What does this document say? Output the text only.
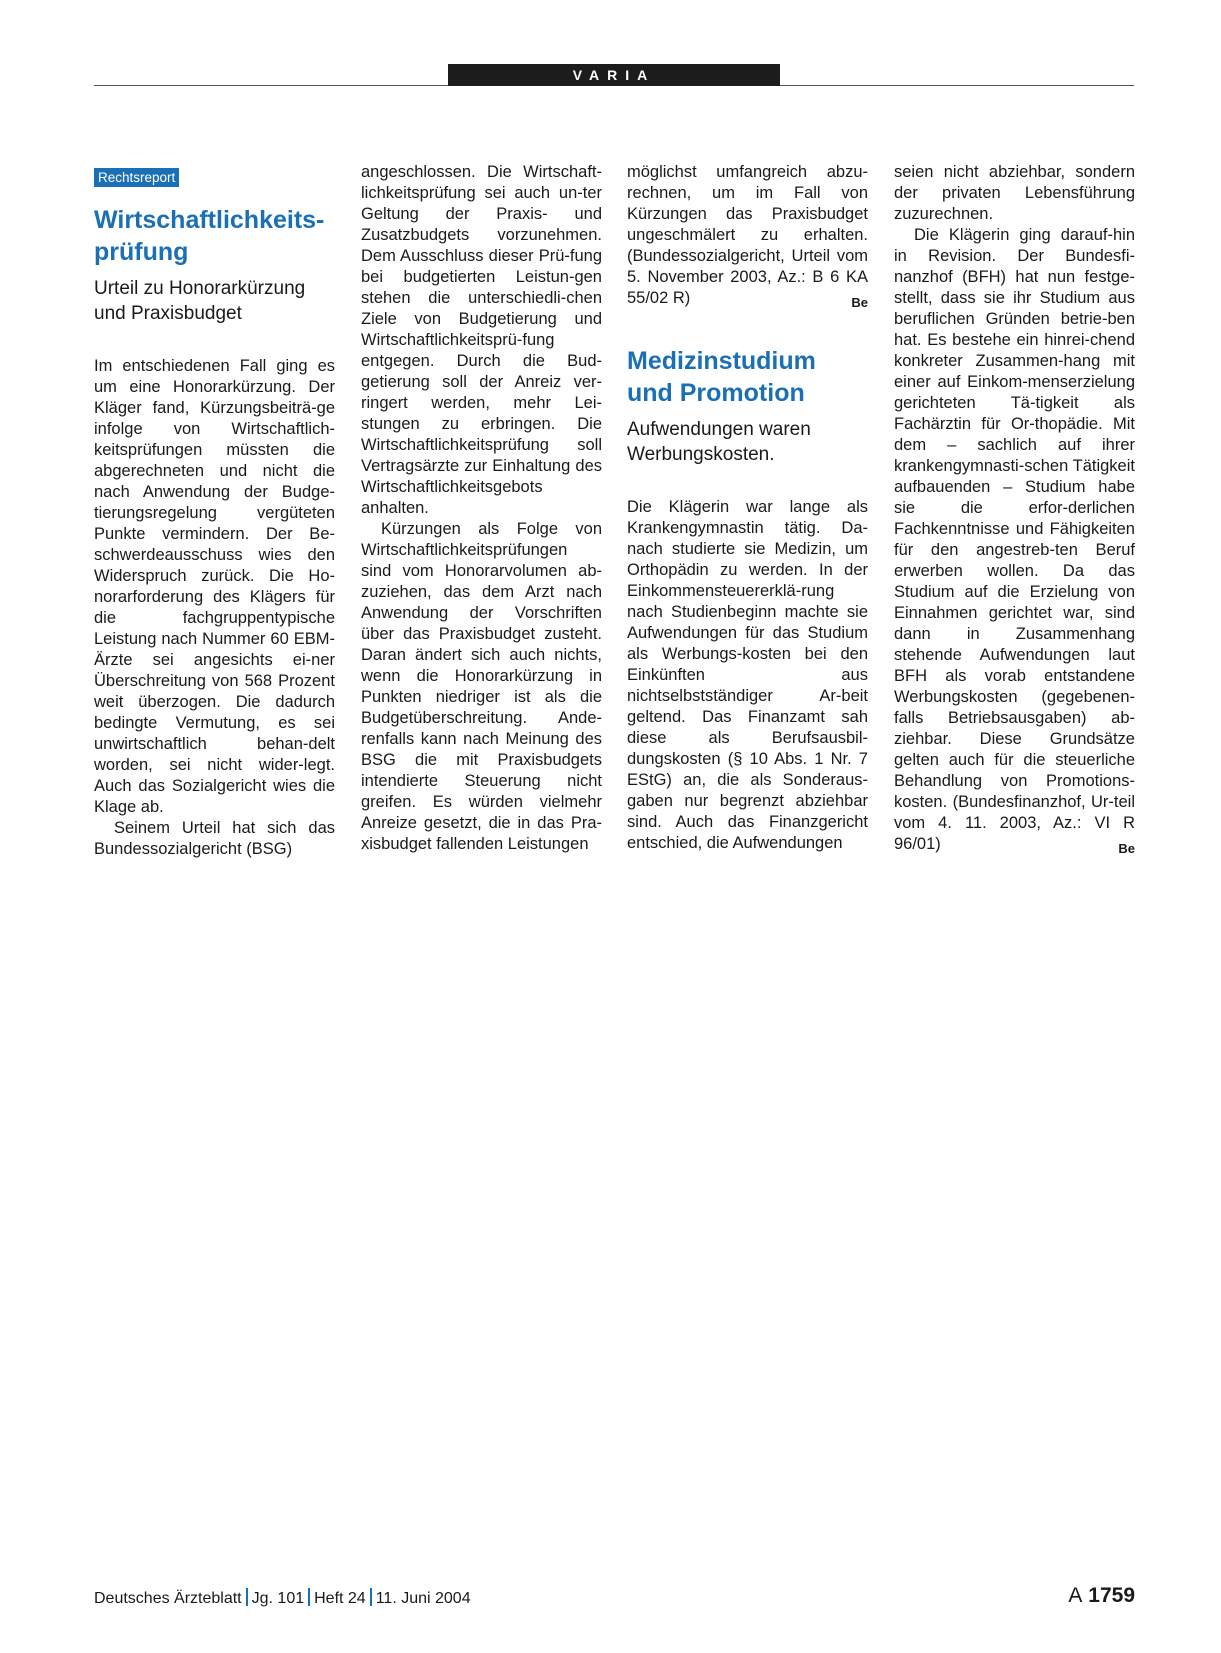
VARIA
Rechtsreport
Wirtschaftlichkeits-
prüfung
Urteil zu Honorarkürzung
und Praxisbudget

Im entschiedenen Fall ging es um eine Honorarkürzung. Der Kläger fand, Kürzungsbeiträ-ge infolge von Wirtschaftlich-keitsprüfungen müssten die abgerechneten und nicht die nach Anwendung der Budge-tierungsregelung vergüteten Punkte vermindern. Der Be-schwerdeausschuss wies den Widerspruch zurück. Die Ho-norarforderung des Klägers für die fachgruppentypische Leistung nach Nummer 60 EBM-Ärzte sei angesichts ei-ner Überschreitung von 568 Prozent weit überzogen. Die dadurch bedingte Vermutung, es sei unwirtschaftlich behan-delt worden, sei nicht wider-legt. Auch das Sozialgericht wies die Klage ab.

Seinem Urteil hat sich das Bundessozialgericht (BSG)

angeschlossen. Die Wirtschaft-lichkeitsprüfung sei auch un-ter Geltung der Praxis- und Zusatzbudgets vorzunehmen. Dem Ausschluss dieser Prü-fung bei budgetierten Leistun-gen stehen die unterschiedli-chen Ziele von Budgetierung und Wirtschaftlichkeitsprü-fung entgegen. Durch die Bud-getierung soll der Anreiz ver-ringert werden, mehr Lei-stungen zu erbringen. Die Wirtschaftlichkeitsprüfung soll Vertragsärzte zur Einhaltung des Wirtschaftlichkeitsgebots anhalten.

Kürzungen als Folge von Wirtschaftlichkeitsprüfungen sind vom Honorarvolumen ab-zuziehen, das dem Arzt nach Anwendung der Vorschriften über das Praxisbudget zusteht. Daran ändert sich auch nichts, wenn die Honorarkürzung in Punkten niedriger ist als die Budgetüberschreitung. Ande-renfalls kann nach Meinung des BSG die mit Praxisbudgets intendierte Steuerung nicht greifen. Es würden vielmehr Anreize gesetzt, die in das Pra-xisbudget fallenden Leistungen

möglichst umfangreich abzu-rechnen, um im Fall von Kürzungen das Praxisbudget ungeschmälert zu erhalten. (Bundessozialgericht, Urteil vom 5. November 2003, Az.: B 6 KA 55/02 R)	Be
Medizinstudium
und Promotion
Aufwendungen waren
Werbungskosten.

Die Klägerin war lange als Krankengymnastin tätig. Da-nach studierte sie Medizin, um Orthopädin zu werden. In der Einkommensteuererklä-rung nach Studienbeginn machte sie Aufwendungen für das Studium als Werbungs-kosten bei den Einkünften aus nichtselbstständiger Ar-beit geltend. Das Finanzamt sah diese als Berufsausbil-dungskosten (§ 10 Abs. 1 Nr. 7 EStG) an, die als Sonderaus-gaben nur begrenzt abziehbar sind. Auch das Finanzgericht entschied, die Aufwendungen

seien nicht abziehbar, sondern der privaten Lebensführung zuzurechnen.

Die Klägerin ging darauf-hin in Revision. Der Bundesfi-nanzhof (BFH) hat nun festge-stellt, dass sie ihr Studium aus beruflichen Gründen betrie-ben hat. Es bestehe ein hinrei-chend konkreter Zusammen-hang mit einer auf Einkom-menserzielung gerichteten Tä-tigkeit als Fachärztin für Or-thopädie. Mit dem – sachlich auf ihrer krankengymnasti-schen Tätigkeit aufbauenden – Studium habe sie die erfor-derlichen Fachkenntnisse und Fähigkeiten für den angestreb-ten Beruf erwerben wollen. Da das Studium auf die Erzielung von Einnahmen gerichtet war, sind dann in Zusammenhang stehende Aufwendungen laut BFH als vorab entstandene Werbungskosten (gegebenen-falls Betriebsausgaben) ab-ziehbar. Diese Grundsätze gelten auch für die steuerliche Behandlung von Promotions-kosten. (Bundesfinanzhof, Ur-teil vom 4. 11. 2003, Az.: VI R 96/01)	Be
Deutsches Ärzteblatt Jg. 101 Heft 24 11. Juni 2004	A 1759
